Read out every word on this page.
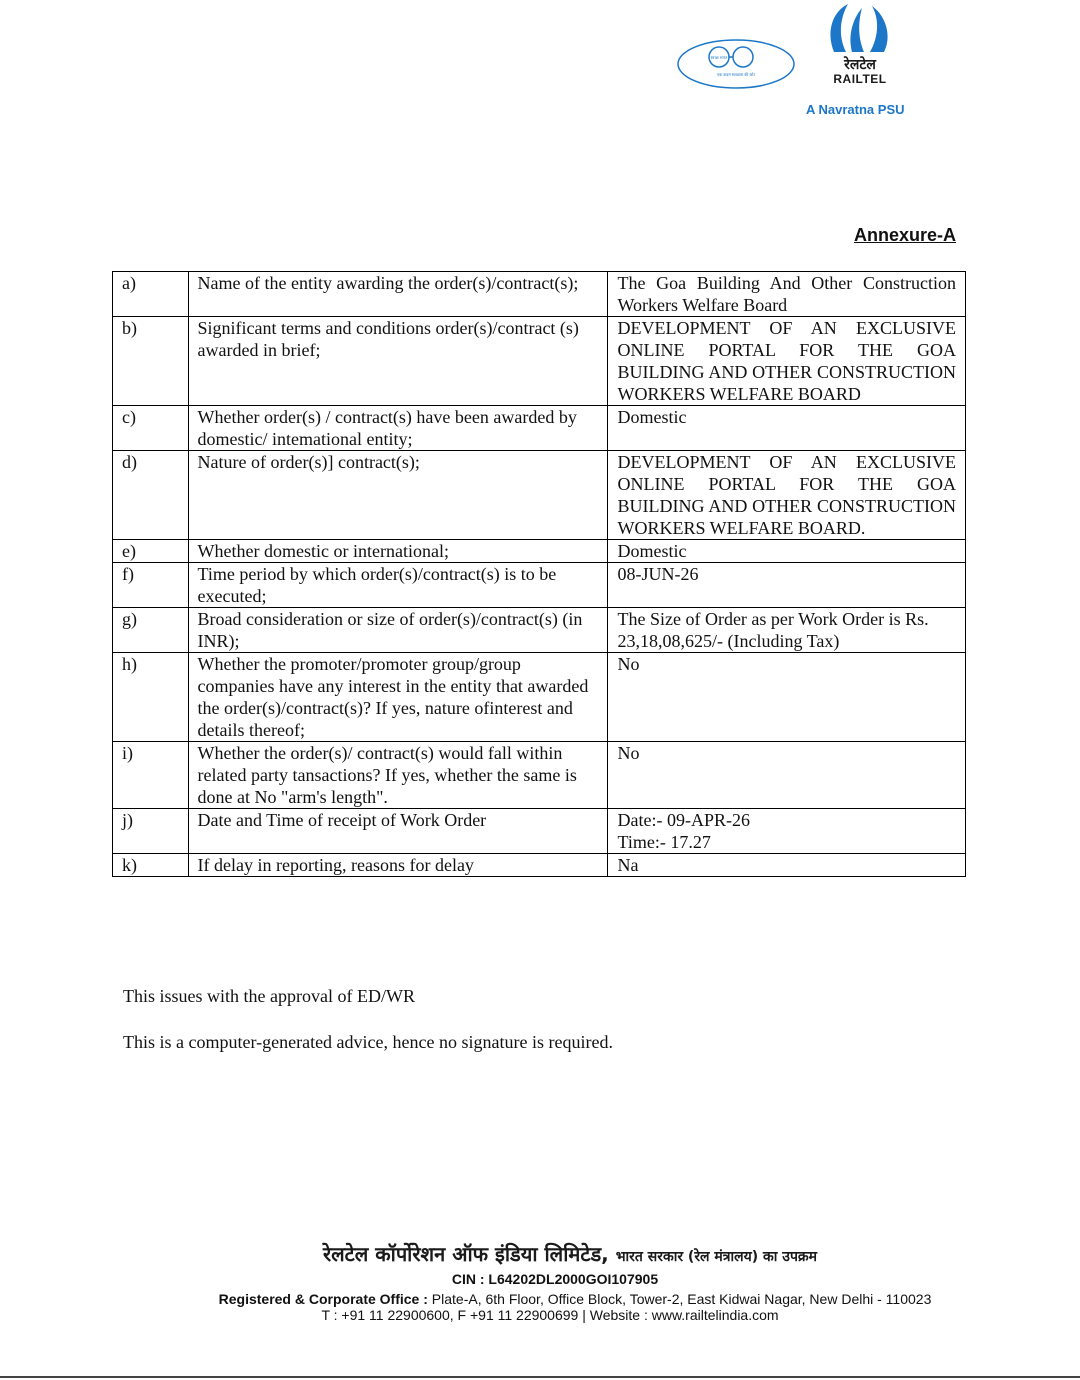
स्वच्छ भारत
एक कदम स्वच्छता की ओर
रेलटेल
RAILTEL
A Navratna PSU
Annexure-A
a)	Name of the entity awarding the order(s)/contract(s);	The Goa Building And Other Construction Workers Welfare Board
b)	Significant terms and conditions order(s)/contract (s) awarded in brief;	DEVELOPMENT OF AN EXCLUSIVE ONLINE PORTAL FOR THE GOA BUILDING AND OTHER CONSTRUCTION WORKERS WELFARE BOARD
c)	Whether order(s) / contract(s) have been awarded by domestic/ intemational entity;	Domestic
d)	Nature of order(s)] contract(s);	DEVELOPMENT OF AN EXCLUSIVE ONLINE PORTAL FOR THE GOA BUILDING AND OTHER CONSTRUCTION WORKERS WELFARE BOARD.
e)	Whether domestic or international;	Domestic
f)	Time period by which order(s)/contract(s) is to be executed;	08-JUN-26
g)	Broad consideration or size of order(s)/contract(s) (in INR);	The Size of Order as per Work Order is Rs. 23,18,08,625/- (Including Tax)
h)	Whether the promoter/promoter group/group companies have any interest in the entity that awarded the order(s)/contract(s)? If yes, nature ofinterest and details thereof;	No
i)	Whether the order(s)/ contract(s) would fall within related party tansactions? If yes, whether the same is done at No "arm's length".	No
j)	Date and Time of receipt of Work Order	Date:- 09-APR-26
Time:- 17.27

k)	If delay in reporting, reasons for delay	Na
This issues with the approval of ED/WR
This is a computer-generated advice, hence no signature is required.
रेलटेल कॉर्पोरेशन ऑफ इंडिया लिमिटेड, भारत सरकार (रेल मंत्रालय) का उपक्रम
CIN : L64202DL2000GOI107905
Registered & Corporate Office : Plate-A, 6th Floor, Office Block, Tower-2, East Kidwai Nagar, New Delhi - 110023
T : +91 11 22900600, F +91 11 22900699 | Website : www.railtelindia.com
